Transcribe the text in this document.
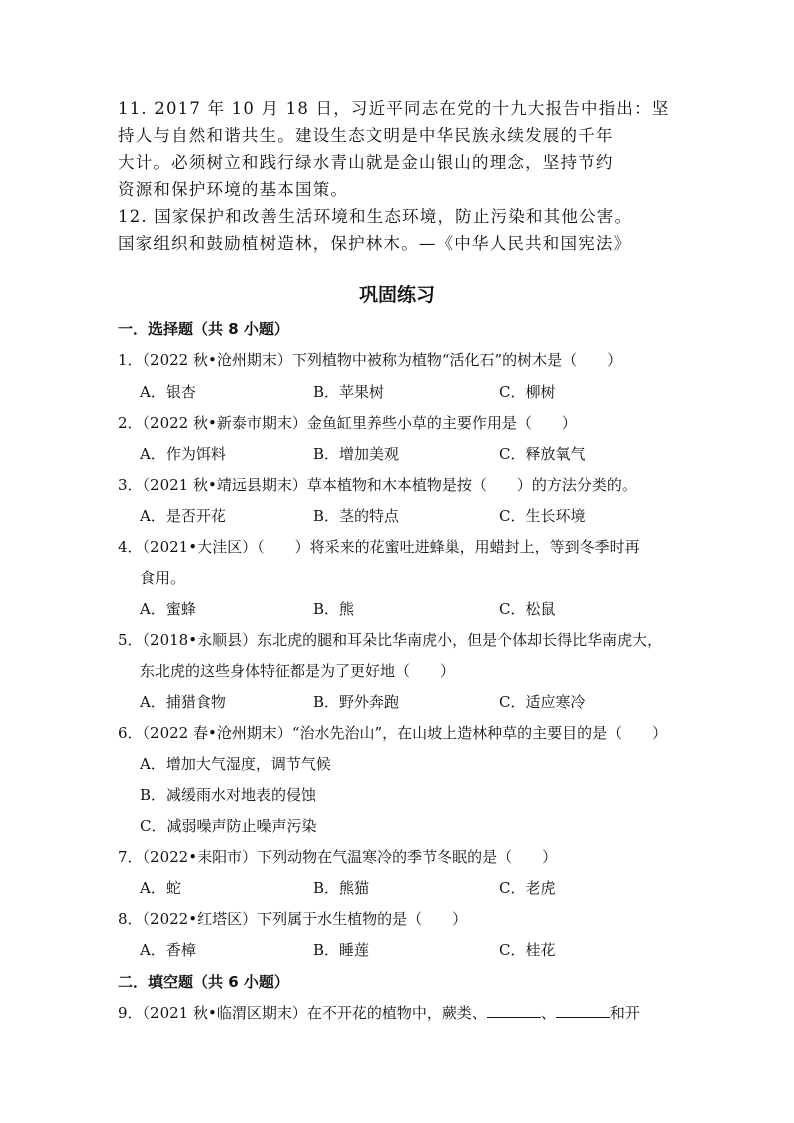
11. 2017 年 10 月 18 日，习近平同志在党的十九大报告中指出：坚
持人与自然和谐共生。建设生态文明是中华民族永续发展的千年
大计。必须树立和践行绿水青山就是金山银山的理念，坚持节约
资源和保护环境的基本国策。
12. 国家保护和改善生活环境和生态环境，防止污染和其他公害。
国家组织和鼓励植树造林，保护林木。—《中华人民共和国宪法》
巩固练习
一．选择题（共 8 小题）
1．（2022 秋•沧州期末）下列植物中被称为植物“活化石”的树木是（　　）
A．银杏	B．苹果树	C．柳树
2．（2022 秋•新泰市期末）金鱼缸里养些小草的主要作用是（　　）
A．作为饵料	B．增加美观	C．释放氧气
3．（2021 秋•靖远县期末）草本植物和木本植物是按（　　）的方法分类的。
A．是否开花	B．茎的特点	C．生长环境
4．（2021•大洼区）（　　）将采来的花蜜吐进蜂巢，用蜡封上，等到冬季时再
食用。
A．蜜蜂	B．熊	C．松鼠
5．（2018•永顺县）东北虎的腿和耳朵比华南虎小，但是个体却长得比华南虎大，
东北虎的这些身体特征都是为了更好地（　　）
A．捕猎食物	B．野外奔跑	C．适应寒冷
6．（2022 春•沧州期末）“治水先治山”，在山坡上造林种草的主要目的是（　　）
A．增加大气湿度，调节气候
B．减缓雨水对地表的侵蚀
C．减弱噪声防止噪声污染
7．（2022•耒阳市）下列动物在气温寒冷的季节冬眠的是（　　）
A．蛇	B．熊猫	C．老虎
8．（2022•红塔区）下列属于水生植物的是（　　）
A．香樟	B．睡莲	C．桂花
二．填空题（共 6 小题）
9．（2021 秋•临渭区期末）在不开花的植物中，蕨类、	、	和开
